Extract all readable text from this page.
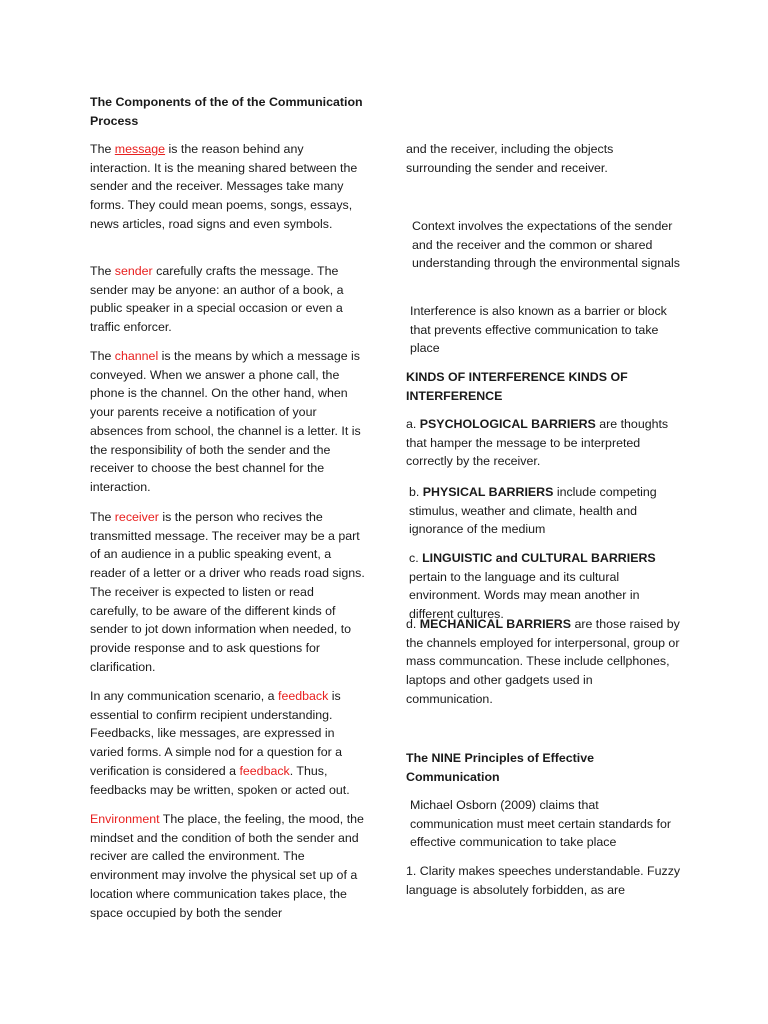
The Components of the of the Communication Process

The message is the reason behind any interaction. It is the meaning shared between the sender and the receiver. Messages take many forms. They could mean poems, songs, essays, news articles, road signs and even symbols.

The sender carefully crafts the message. The sender may be anyone: an author of a book, a public speaker in a special occasion or even a traffic enforcer.

The channel is the means by which a message is conveyed. When we answer a phone call, the phone is the channel. On the other hand, when your parents receive a notification of your absences from school, the channel is a letter. It is the responsibility of both the sender and the receiver to choose the best channel for the interaction.

The receiver is the person who recives the transmitted message. The receiver may be a part of an audience in a public speaking event, a reader of a letter or a driver who reads road signs. The receiver is expected to listen or read carefully, to be aware of the different kinds of sender to jot down information when needed, to provide response and to ask questions for clarification.

In any communication scenario, a feedback is essential to confirm recipient understanding. Feedbacks, like messages, are expressed in varied forms. A simple nod for a question for a verification is considered a feedback. Thus, feedbacks may be written, spoken or acted out.

Environment The place, the feeling, the mood, the mindset and the condition of both the sender and reciver are called the environment. The environment may involve the physical set up of a location where communication takes place, the space occupied by both the sender

and the receiver, including the objects surrounding the sender and receiver.

Context involves the expectations of the sender and the receiver and the common or shared understanding through the environmental signals

Interference is also known as a barrier or block that prevents effective communication to take place

KINDS OF INTERFERENCE KINDS OF INTERFERENCE

a. PSYCHOLOGICAL BARRIERS are thoughts that hamper the message to be interpreted correctly by the receiver.

b. PHYSICAL BARRIERS include competing stimulus, weather and climate, health and ignorance of the medium

c. LINGUISTIC and CULTURAL BARRIERS pertain to the language and its cultural environment. Words may mean another in different cultures.

d. MECHANICAL BARRIERS are those raised by the channels employed for interpersonal, group or mass communcation. These include cellphones, laptops and other gadgets used in communication.

The NINE Principles of Effective Communication

Michael Osborn (2009) claims that communication must meet certain standards for effective communication to take place

1. Clarity makes speeches understandable. Fuzzy language is absolutely forbidden, as are
